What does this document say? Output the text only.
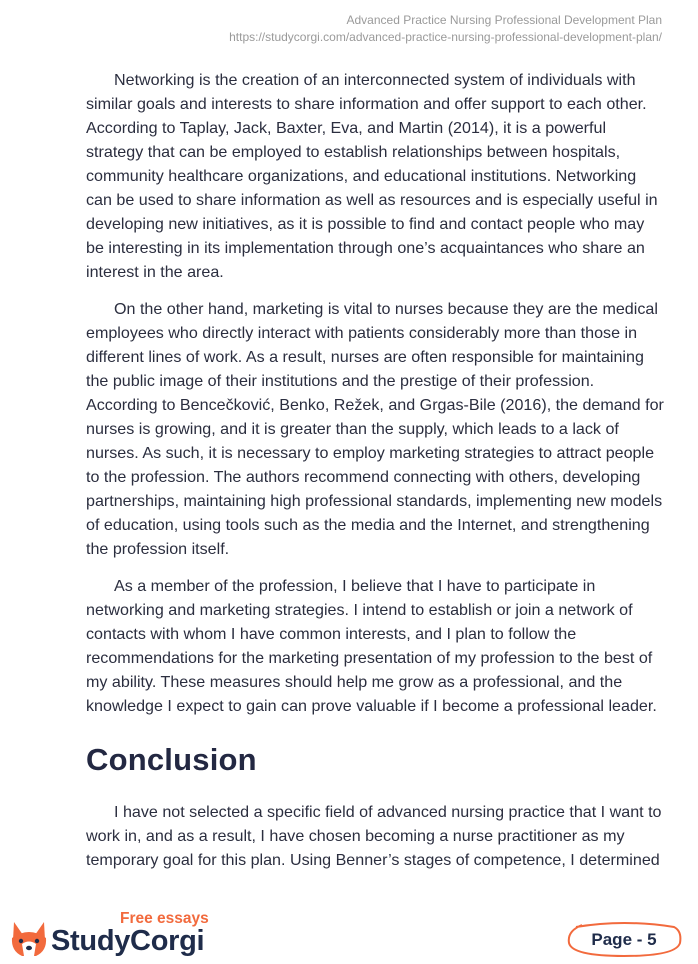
Advanced Practice Nursing Professional Development Plan
https://studycorgi.com/advanced-practice-nursing-professional-development-plan/

Networking is the creation of an interconnected system of individuals with similar goals and interests to share information and offer support to each other. According to Taplay, Jack, Baxter, Eva, and Martin (2014), it is a powerful strategy that can be employed to establish relationships between hospitals, community healthcare organizations, and educational institutions. Networking can be used to share information as well as resources and is especially useful in developing new initiatives, as it is possible to find and contact people who may be interesting in its implementation through one’s acquaintances who share an interest in the area.

On the other hand, marketing is vital to nurses because they are the medical employees who directly interact with patients considerably more than those in different lines of work. As a result, nurses are often responsible for maintaining the public image of their institutions and the prestige of their profession. According to Bencečković, Benko, Režek, and Grgas-Bile (2016), the demand for nurses is growing, and it is greater than the supply, which leads to a lack of nurses. As such, it is necessary to employ marketing strategies to attract people to the profession. The authors recommend connecting with others, developing partnerships, maintaining high professional standards, implementing new models of education, using tools such as the media and the Internet, and strengthening the profession itself.

As a member of the profession, I believe that I have to participate in networking and marketing strategies. I intend to establish or join a network of contacts with whom I have common interests, and I plan to follow the recommendations for the marketing presentation of my profession to the best of my ability. These measures should help me grow as a professional, and the knowledge I expect to gain can prove valuable if I become a professional leader.

Conclusion

I have not selected a specific field of advanced nursing practice that I want to work in, and as a result, I have chosen becoming a nurse practitioner as my temporary goal for this plan. Using Benner’s stages of competence, I determined

Free essays
StudyCorgi	Page - 5
